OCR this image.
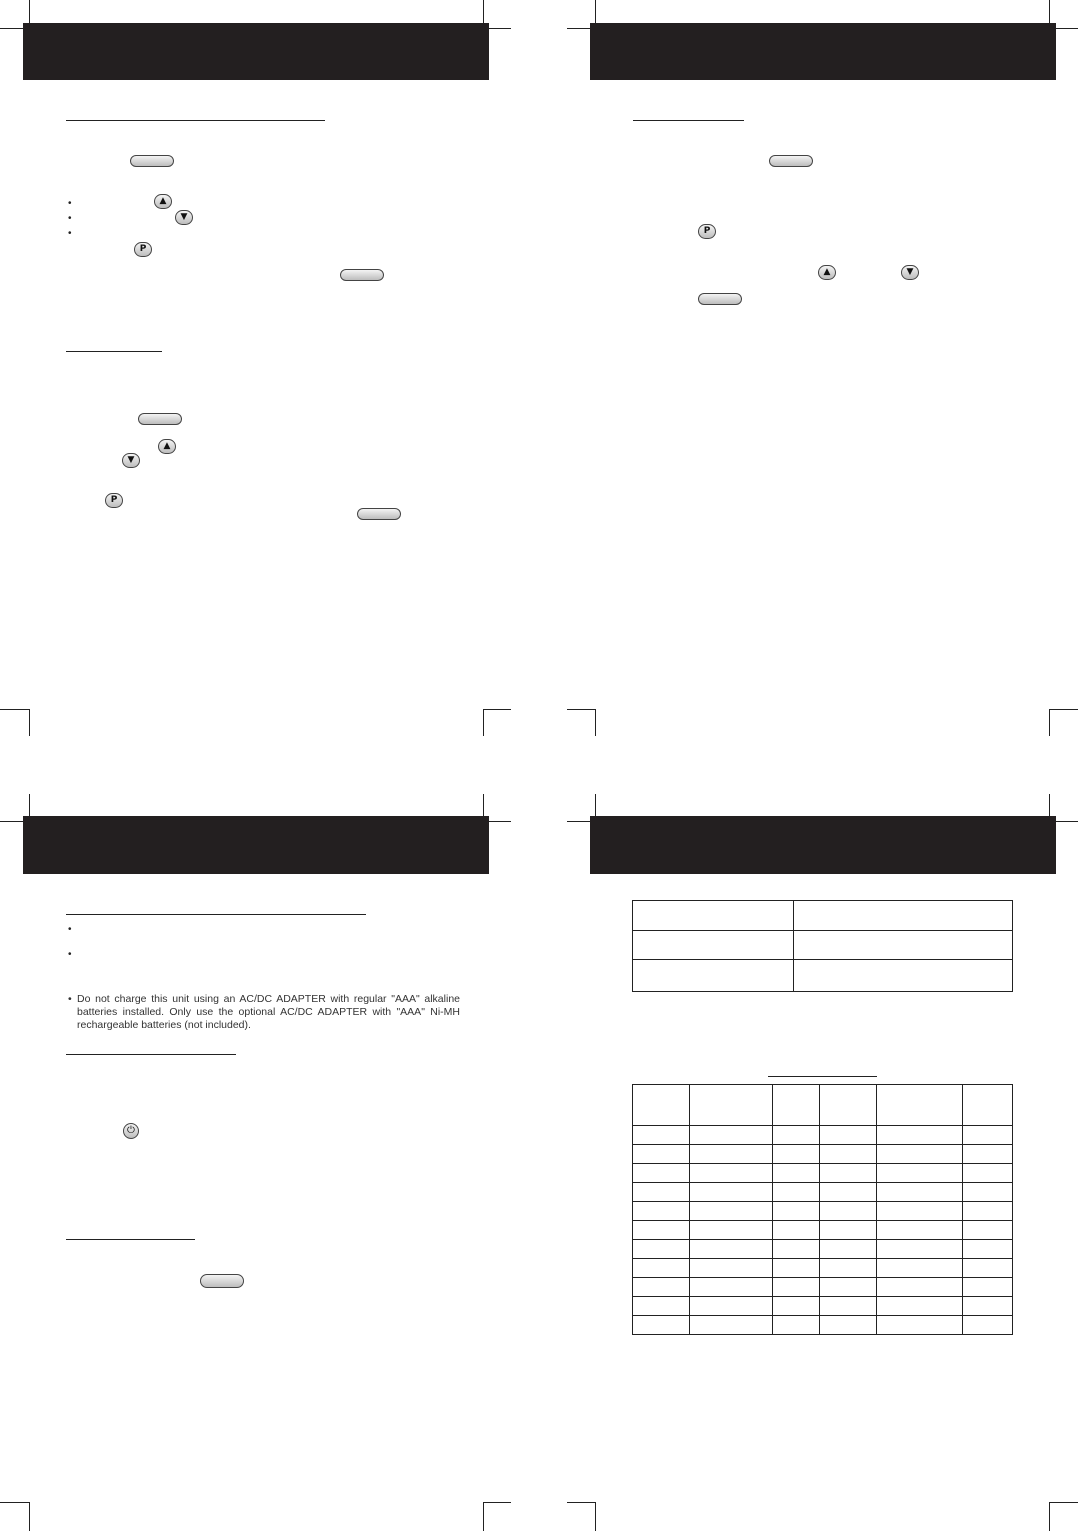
•	▲
•	▼
•
P
▲
▼
P
P
▲	▼
•
•
• Do not charge this unit using an AC/DC ADAPTER with regular "AAA" alkaline batteries installed. Only use the optional AC/DC ADAPTER with "AAA" Ni-MH rechargeable batteries (not included).
⏻
